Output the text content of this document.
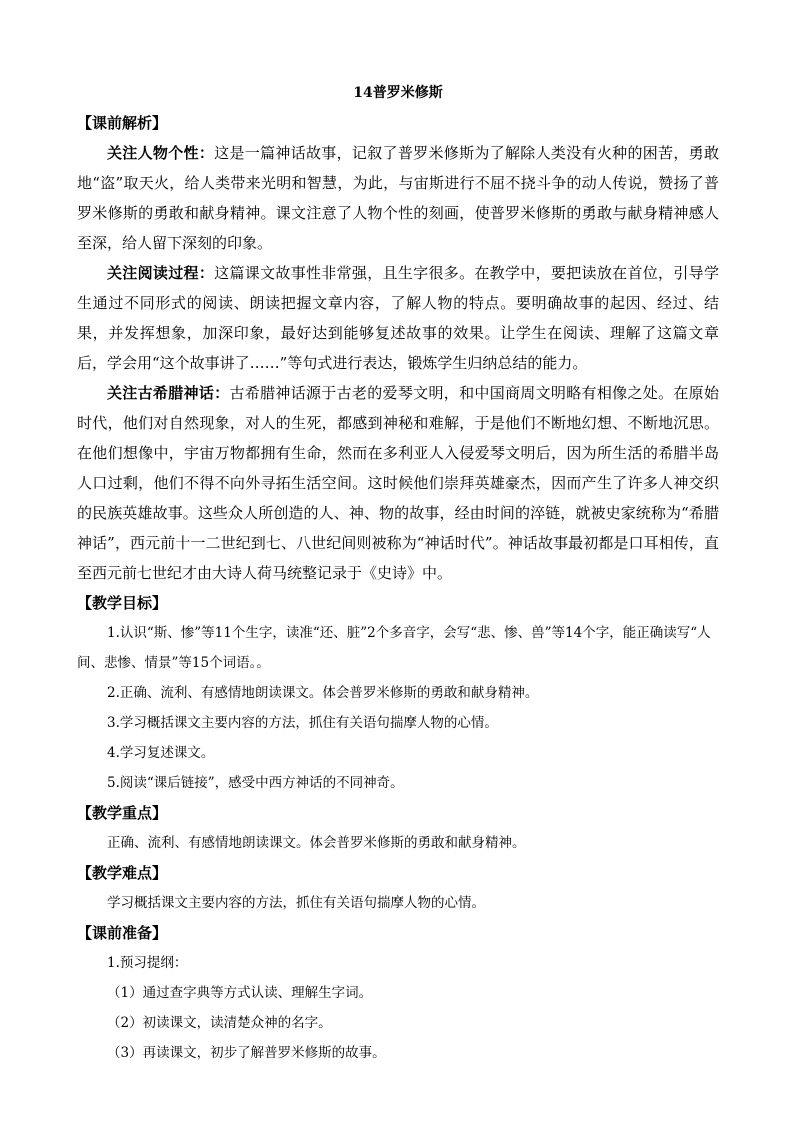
14普罗米修斯
【课前解析】

关注人物个性：这是一篇神话故事，记叙了普罗米修斯为了解除人类没有火种的困苦，勇敢地“盗”取天火，给人类带来光明和智慧，为此，与宙斯进行不屈不挠斗争的动人传说，赞扬了普罗米修斯的勇敢和献身精神。课文注意了人物个性的刻画，使普罗米修斯的勇敢与献身精神感人至深，给人留下深刻的印象。

关注阅读过程：这篇课文故事性非常强，且生字很多。在教学中，要把读放在首位，引导学生通过不同形式的阅读、朗读把握文章内容，了解人物的特点。要明确故事的起因、经过、结果，并发挥想象，加深印象，最好达到能够复述故事的效果。让学生在阅读、理解了这篇文章后，学会用“这个故事讲了……”等句式进行表达，锻炼学生归纳总结的能力。

关注古希腊神话：古希腊神话源于古老的爱琴文明，和中国商周文明略有相像之处。在原始时代，他们对自然现象，对人的生死，都感到神秘和难解，于是他们不断地幻想、不断地沉思。在他们想像中，宇宙万物都拥有生命，然而在多利亚人入侵爱琴文明后，因为所生活的希腊半岛人口过剩，他们不得不向外寻拓生活空间。这时候他们崇拜英雄豪杰，因而产生了许多人神交织的民族英雄故事。这些众人所创造的人、神、物的故事，经由时间的淬链，就被史家统称为“希腊神话”，西元前十一二世纪到七、八世纪间则被称为“神话时代”。神话故事最初都是口耳相传，直至西元前七世纪才由大诗人荷马统整记录于《史诗》中。

【教学目标】

1.认识“斯、惨”等11个生字，读准“还、脏”2个多音字，会写“悲、惨、兽”等14个字，能正确读写“人间、悲惨、情景”等15个词语。。

2.正确、流利、有感情地朗读课文。体会普罗米修斯的勇敢和献身精神。

3.学习概括课文主要内容的方法，抓住有关语句揣摩人物的心情。

4.学习复述课文。

5.阅读“课后链接”，感受中西方神话的不同神奇。

【教学重点】

正确、流利、有感情地朗读课文。体会普罗米修斯的勇敢和献身精神。

【教学难点】

学习概括课文主要内容的方法，抓住有关语句揣摩人物的心情。

【课前准备】

1.预习提纲：

（1）通过查字典等方式认读、理解生字词。

（2）初读课文，读清楚众神的名字。

（3）再读课文，初步了解普罗米修斯的故事。
